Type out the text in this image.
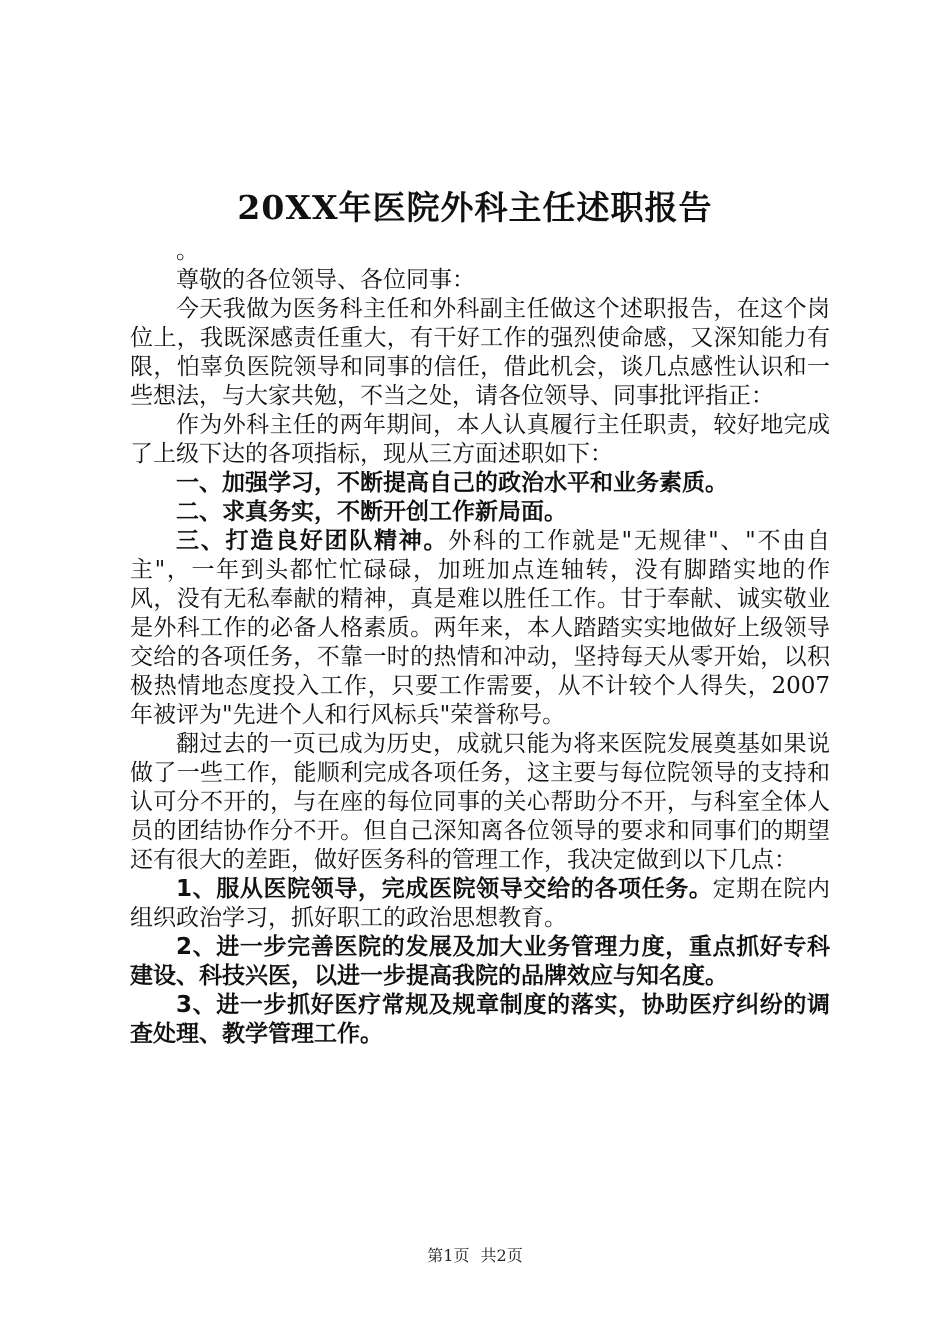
20XX年医院外科主任述职报告

。

尊敬的各位领导、各位同事：

今天我做为医务科主任和外科副主任做这个述职报告，在这个岗位上，我既深感责任重大，有干好工作的强烈使命感，又深知能力有限，怕辜负医院领导和同事的信任，借此机会，谈几点感性认识和一些想法，与大家共勉，不当之处，请各位领导、同事批评指正：

作为外科主任的两年期间，本人认真履行主任职责，较好地完成了上级下达的各项指标，现从三方面述职如下：

一、加强学习，不断提高自己的政治水平和业务素质。

二、求真务实，不断开创工作新局面。

三、打造良好团队精神。外科的工作就是"无规律"、"不由自主"，一年到头都忙忙碌碌，加班加点连轴转，没有脚踏实地的作风，没有无私奉献的精神，真是难以胜任工作。甘于奉献、诚实敬业是外科工作的必备人格素质。两年来，本人踏踏实实地做好上级领导交给的各项任务，不靠一时的热情和冲动，坚持每天从零开始，以积极热情地态度投入工作，只要工作需要，从不计较个人得失，2007年被评为"先进个人和行风标兵"荣誉称号。

翻过去的一页已成为历史，成就只能为将来医院发展奠基如果说做了一些工作，能顺利完成各项任务，这主要与每位院领导的支持和认可分不开的，与在座的每位同事的关心帮助分不开，与科室全体人员的团结协作分不开。但自己深知离各位领导的要求和同事们的期望还有很大的差距，做好医务科的管理工作，我决定做到以下几点：

1、服从医院领导，完成医院领导交给的各项任务。定期在院内组织政治学习，抓好职工的政治思想教育。

2、进一步完善医院的发展及加大业务管理力度，重点抓好专科建设、科技兴医，以进一步提高我院的品牌效应与知名度。

3、进一步抓好医疗常规及规章制度的落实，协助医疗纠纷的调查处理、教学管理工作。

第1页 共2页
